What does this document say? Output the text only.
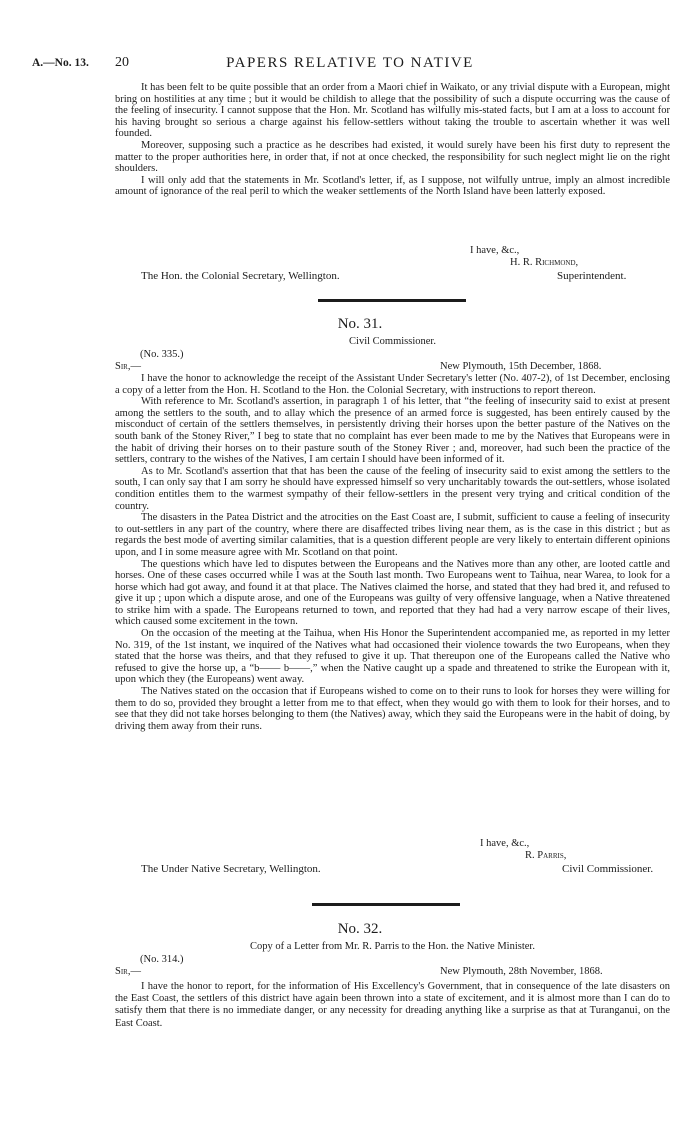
A.—No. 13. 20	PAPERS RELATIVE TO NATIVE

It has been felt to be quite possible that an order from a Maori chief in Waikato, or any trivial dispute with a European, might bring on hostilities at any time ; but it would be childish to allege that the possibility of such a dispute occurring was the cause of the feeling of insecurity. I cannot suppose that the Hon. Mr. Scotland has wilfully mis-stated facts, but I am at a loss to account for his having brought so serious a charge against his fellow-settlers without taking the trouble to ascertain whether it was well founded.

Moreover, supposing such a practice as he describes had existed, it would surely have been his first duty to represent the matter to the proper authorities here, in order that, if not at once checked, the responsibility for such neglect might lie on the right shoulders.

I will only add that the statements in Mr. Scotland's letter, if, as I suppose, not wilfully untrue, imply an almost incredible amount of ignorance of the real peril to which the weaker settlements of the North Island have been latterly exposed.

I have, &c.,
H. R. Richmond,
The Hon. the Colonial Secretary, Wellington.	Superintendent.
No. 31.
Civil Commissioner.
(No. 335.)
Sir,—	New Plymouth, 15th December, 1868.

I have the honor to acknowledge the receipt of the Assistant Under Secretary's letter (No. 407-2), of 1st December, enclosing a copy of a letter from the Hon. H. Scotland to the Hon. the Colonial Secretary, with instructions to report thereon.

With reference to Mr. Scotland's assertion, in paragraph 1 of his letter, that “the feeling of insecurity said to exist at present among the settlers to the south, and to allay which the presence of an armed force is suggested, has been entirely caused by the misconduct of certain of the settlers themselves, in persistently driving their horses upon the better pasture of the Natives on the south bank of the Stoney River,” I beg to state that no complaint has ever been made to me by the Natives that Europeans were in the habit of driving their horses on to their pasture south of the Stoney River ; and, moreover, had such been the practice of the settlers, contrary to the wishes of the Natives, I am certain I should have been informed of it.

As to Mr. Scotland's assertion that that has been the cause of the feeling of insecurity said to exist among the settlers to the south, I can only say that I am sorry he should have expressed himself so very uncharitably towards the out-settlers, whose isolated condition entitles them to the warmest sympathy of their fellow-settlers in the present very trying and critical condition of the country.

The disasters in the Patea District and the atrocities on the East Coast are, I submit, sufficient to cause a feeling of insecurity to out-settlers in any part of the country, where there are disaffected tribes living near them, as is the case in this district ; but as regards the best mode of averting similar calamities, that is a question different people are very likely to entertain different opinions upon, and I in some measure agree with Mr. Scotland on that point.

The questions which have led to disputes between the Europeans and the Natives more than any other, are looted cattle and horses. One of these cases occurred while I was at the South last month. Two Europeans went to Taihua, near Warea, to look for a horse which had got away, and found it at that place. The Natives claimed the horse, and stated that they had bred it, and refused to give it up ; upon which a dispute arose, and one of the Europeans was guilty of very offensive language, when a Native threatened to strike him with a spade. The Europeans returned to town, and reported that they had had a very narrow escape of their lives, which caused some excitement in the town.

On the occasion of the meeting at the Taihua, when His Honor the Superintendent accompanied me, as reported in my letter No. 319, of the 1st instant, we inquired of the Natives what had occasioned their violence towards the two Europeans, when they stated that the horse was theirs, and that they refused to give it up. That thereupon one of the Europeans called the Native who refused to give the horse up, a “b—— b——,” when the Native caught up a spade and threatened to strike the European with it, upon which they (the Europeans) went away.

The Natives stated on the occasion that if Europeans wished to come on to their runs to look for horses they were willing for them to do so, provided they brought a letter from me to that effect, when they would go with them to look for their horses, and to see that they did not take horses belonging to them (the Natives) away, which they said the Europeans were in the habit of doing, by driving them away from their runs.

I have, &c.,
R. Parris,
The Under Native Secretary, Wellington.	Civil Commissioner.
No. 32.
Copy of a Letter from Mr. R. Parris to the Hon. the Native Minister.
(No. 314.)
Sir,—	New Plymouth, 28th November, 1868.

I have the honor to report, for the information of His Excellency's Government, that in consequence of the late disasters on the East Coast, the settlers of this district have again been thrown into a state of excitement, and it is almost more than I can do to satisfy them that there is no immediate danger, or any necessity for dreading anything like a surprise as that at Turanganui, on the East Coast.
